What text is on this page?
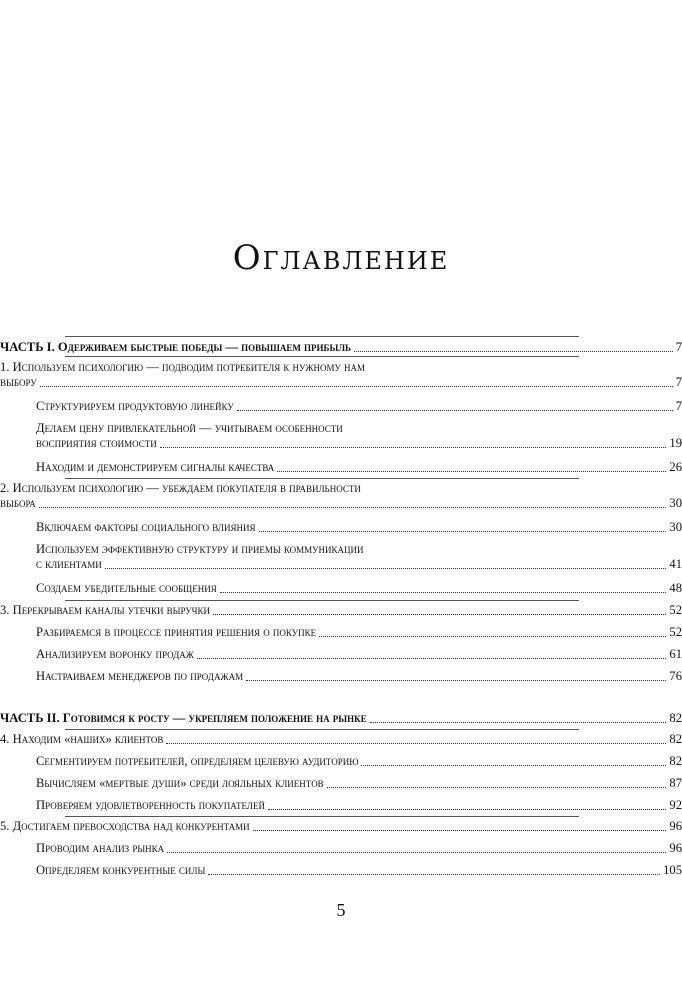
Оглавление
ЧАСТЬ I. Одерживаем быстрые победы — повышаем прибыль	7
1. Используем психологию — подводим потребителя к нужному нам
выбору	7
Структурируем продуктовую линейку	7
Делаем цену привлекательной — учитываем особенности
восприятия стоимости	19
Находим и демонстрируем сигналы качества	26
2. Используем психологию — убеждаем покупателя в правильности
выбора	30
Включаем факторы социального влияния	30
Используем эффективную структуру и приемы коммуникации
с клиентами	41
Создаем убедительные сообщения	48
3. Перекрываем каналы утечки выручки	52
Разбираемся в процессе принятия решения о покупке	52
Анализируем воронку продаж	61
Настраиваем менеджеров по продажам	76
ЧАСТЬ II. Готовимся к росту — укрепляем положение на рынке	82
4. Находим «наших» клиентов	82
Сегментируем потребителей, определяем целевую аудиторию	82
Вычисляем «мертвые души» среди лояльных клиентов	87
Проверяем удовлетворенность покупателей	92
5. Достигаем превосходства над конкурентами	96
Проводим анализ рынка	96
Определяем конкурентные силы	105
5
